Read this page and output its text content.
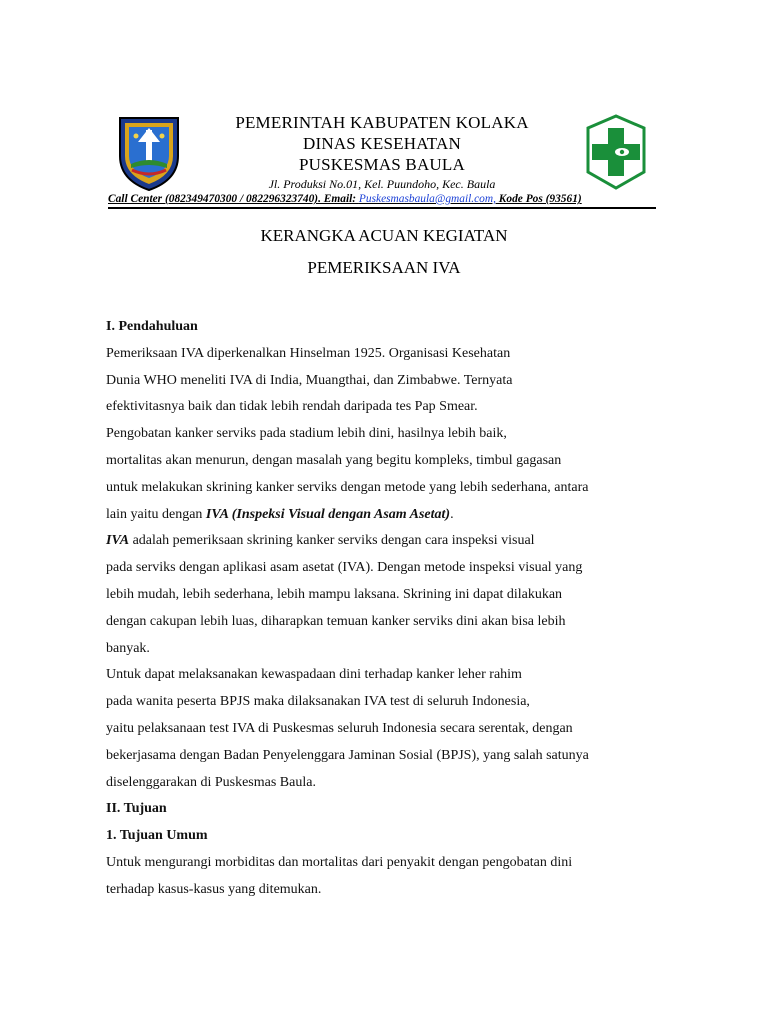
PEMERINTAH KABUPATEN KOLAKA
DINAS KESEHATAN
PUSKESMAS BAULA
Jl. Produksi No.01, Kel. Puundoho, Kec. Baula
Call Center (082349470300 / 082296323740). Email: Puskesmasbaula@gmail.com, Kode Pos (93561)
KERANGKA ACUAN KEGIATAN
PEMERIKSAAN IVA

I. Pendahuluan

Pemeriksaan IVA diperkenalkan Hinselman 1925. Organisasi Kesehatan

Dunia WHO meneliti IVA di India, Muangthai, dan Zimbabwe. Ternyata

efektivitasnya baik dan tidak lebih rendah daripada tes Pap Smear.

Pengobatan kanker serviks pada stadium lebih dini, hasilnya lebih baik,

mortalitas akan menurun, dengan masalah yang begitu kompleks, timbul gagasan

untuk melakukan skrining kanker serviks dengan metode yang lebih sederhana, antara

lain yaitu dengan IVA (Inspeksi Visual dengan Asam Asetat).

IVA adalah pemeriksaan skrining kanker serviks dengan cara inspeksi visual

pada serviks dengan aplikasi asam asetat (IVA). Dengan metode inspeksi visual yang

lebih mudah, lebih sederhana, lebih mampu laksana. Skrining ini dapat dilakukan

dengan cakupan lebih luas, diharapkan temuan kanker serviks dini akan bisa lebih

banyak.

Untuk dapat melaksanakan kewaspadaan dini terhadap kanker leher rahim

pada wanita peserta BPJS maka dilaksanakan IVA test di seluruh Indonesia,

yaitu pelaksanaan test IVA di Puskesmas seluruh Indonesia secara serentak, dengan

bekerjasama dengan Badan Penyelenggara Jaminan Sosial (BPJS), yang salah satunya

diselenggarakan di Puskesmas Baula.

II. Tujuan

1. Tujuan Umum

Untuk mengurangi morbiditas dan mortalitas dari penyakit dengan pengobatan dini

terhadap kasus-kasus yang ditemukan.
